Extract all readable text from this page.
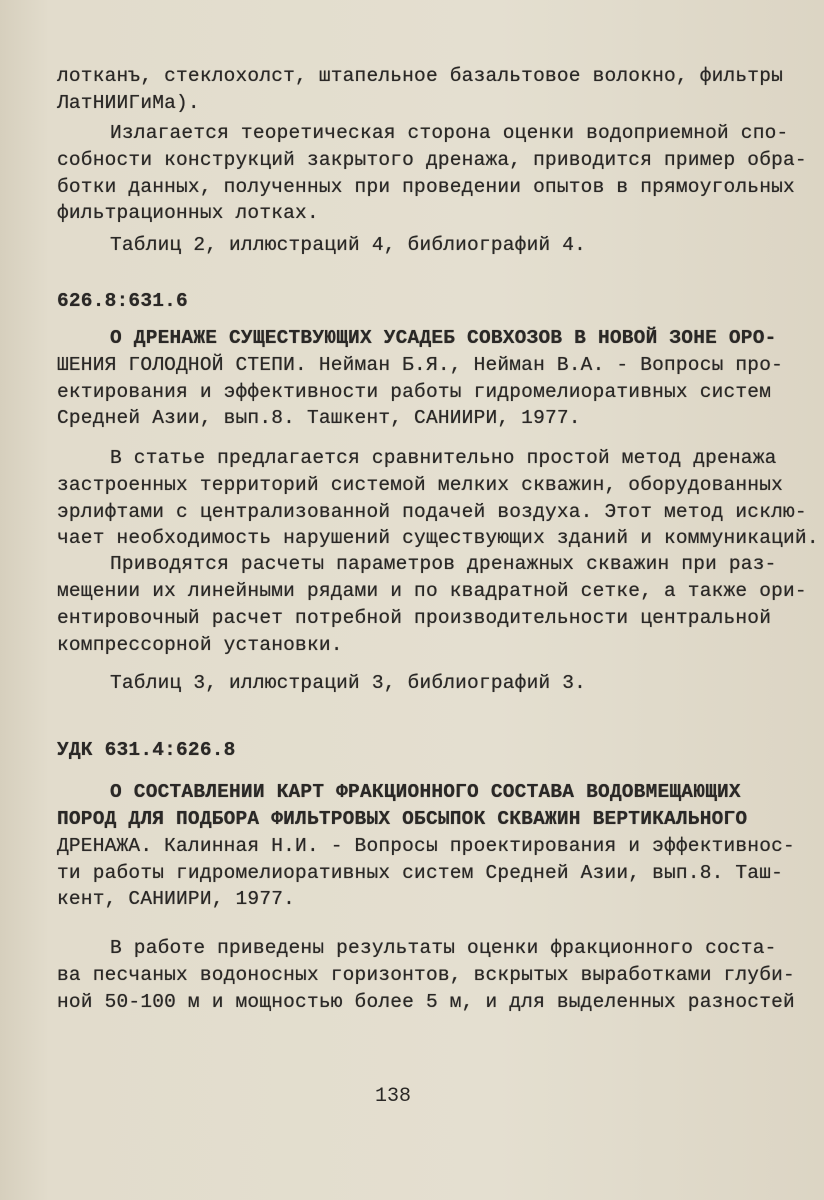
лотканъ, стеклохолст, штапельное базальтовое волокно, фильтры
ЛатНИИГиМа).
Излагается теоретическая сторона оценки водоприемной спо-
собности конструкций закрытого дренажа, приводится пример обра-
ботки данных, полученных при проведении опытов в прямоугольных
фильтрационных лотках.
Таблиц 2, иллюстраций 4, библиографий 4.
626.8:631.6
О ДРЕНАЖЕ СУЩЕСТВУЮЩИХ УСАДЕБ СОВХОЗОВ В НОВОЙ ЗОНЕ ОРО-
ШЕНИЯ ГОЛОДНОЙ СТЕПИ. Нейман Б.Я., Нейман В.А. - Вопросы про-
ектирования и эффективности работы гидромелиоративных систем
Средней Азии, вып.8. Ташкент, САНИИРИ, 1977.
В статье предлагается сравнительно простой метод дренажа
застроенных территорий системой мелких скважин, оборудованных
эрлифтами с централизованной подачей воздуха. Этот метод исклю-
чает необходимость нарушений существующих зданий и коммуникаций.
Приводятся расчеты параметров дренажных скважин при раз-
мещении их линейными рядами и по квадратной сетке, а также ори-
ентировочный расчет потребной производительности центральной
компрессорной установки.
Таблиц 3, иллюстраций 3, библиографий 3.
УДК 631.4:626.8
О СОСТАВЛЕНИИ КАРТ ФРАКЦИОННОГО СОСТАВА ВОДОВМЕЩАЮЩИХ
ПОРОД ДЛЯ ПОДБОРА ФИЛЬТРОВЫХ ОБСЫПОК СКВАЖИН ВЕРТИКАЛЬНОГО
ДРЕНАЖА. Калинная Н.И. - Вопросы проектирования и эффективнос-
ти работы гидромелиоративных систем Средней Азии, вып.8. Таш-
кент, САНИИРИ, 1977.
В работе приведены результаты оценки фракционного соста-
ва песчаных водоносных горизонтов, вскрытых выработками глуби-
ной 50-100 м и мощностью более 5 м, и для выделенных разностей
138
